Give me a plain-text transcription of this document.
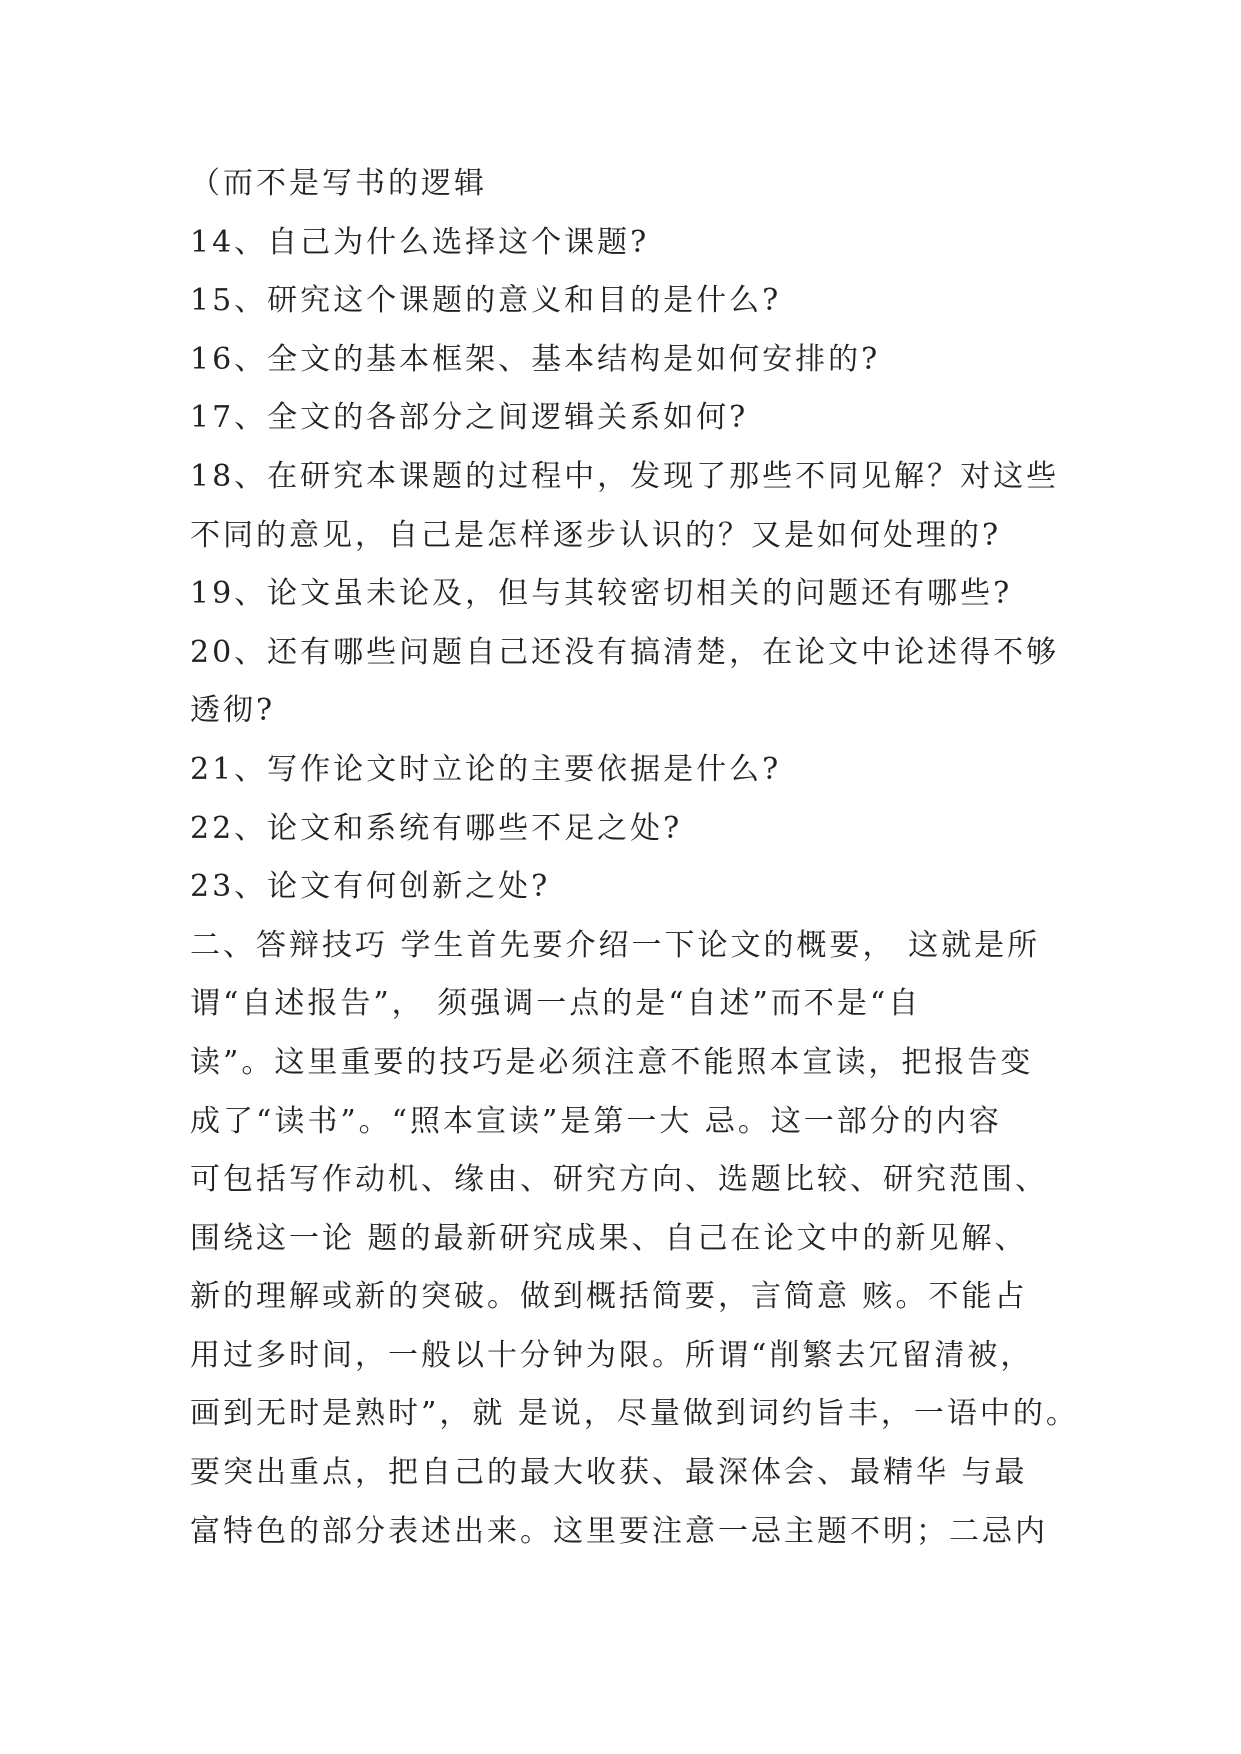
（而不是写书的逻辑
14、自己为什么选择这个课题?
15、研究这个课题的意义和目的是什么?
16、全文的基本框架、基本结构是如何安排的?
17、全文的各部分之间逻辑关系如何?
18、在研究本课题的过程中，发现了那些不同见解？对这些
不同的意见，自己是怎样逐步认识的？又是如何处理的?
19、论文虽未论及，但与其较密切相关的问题还有哪些?
20、还有哪些问题自己还没有搞清楚，在论文中论述得不够
透彻?
21、写作论文时立论的主要依据是什么?
22、论文和系统有哪些不足之处?
23、论文有何创新之处?
二、答辩技巧 学生首先要介绍一下论文的概要， 这就是所
谓“自述报告”， 须强调一点的是“自述”而不是“自
读”。这里重要的技巧是必须注意不能照本宣读，把报告变
成了“读书”。“照本宣读”是第一大 忌。这一部分的内容
可包括写作动机、缘由、研究方向、选题比较、研究范围、
围绕这一论 题的最新研究成果、自己在论文中的新见解、
新的理解或新的突破。做到概括简要，言简意 赅。不能占
用过多时间，一般以十分钟为限。所谓“削繁去冗留清被，
画到无时是熟时”，就 是说，尽量做到词约旨丰，一语中的。
要突出重点，把自己的最大收获、最深体会、最精华 与最
富特色的部分表述出来。这里要注意一忌主题不明；二忌内
